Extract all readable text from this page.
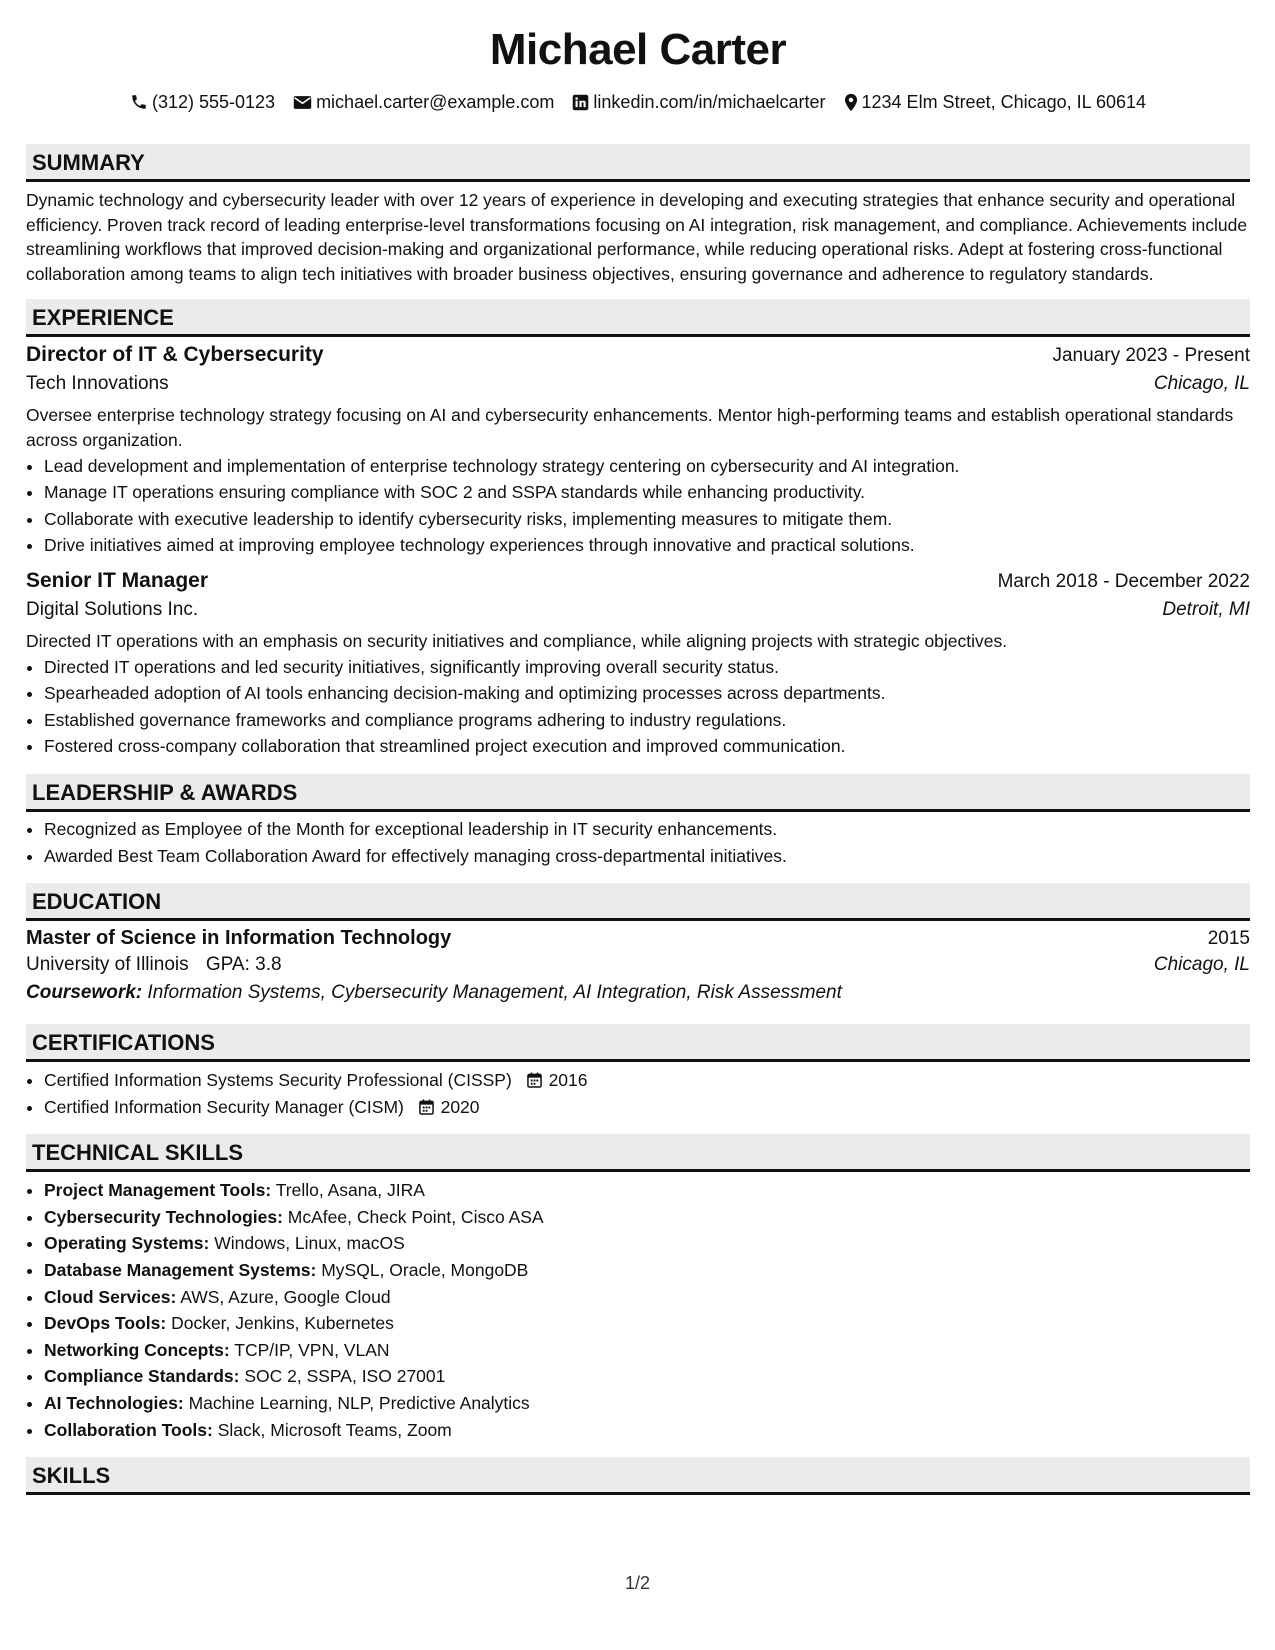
Michael Carter
(312) 555-0123 michael.carter@example.com linkedin.com/in/michaelcarter 1234 Elm Street, Chicago, IL 60614
SUMMARY

Dynamic technology and cybersecurity leader with over 12 years of experience in developing and executing strategies that enhance security and operational efficiency. Proven track record of leading enterprise-level transformations focusing on AI integration, risk management, and compliance. Achievements include streamlining workflows that improved decision-making and organizational performance, while reducing operational risks. Adept at fostering cross-functional collaboration among teams to align tech initiatives with broader business objectives, ensuring governance and adherence to regulatory standards.

EXPERIENCE
Director of IT & Cybersecurity	January 2023 - Present
Tech Innovations	Chicago, IL

Oversee enterprise technology strategy focusing on AI and cybersecurity enhancements. Mentor high-performing teams and establish operational standards across organization.

• Lead development and implementation of enterprise technology strategy centering on cybersecurity and AI integration.
• Manage IT operations ensuring compliance with SOC 2 and SSPA standards while enhancing productivity.
• Collaborate with executive leadership to identify cybersecurity risks, implementing measures to mitigate them.
• Drive initiatives aimed at improving employee technology experiences through innovative and practical solutions.
Senior IT Manager	March 2018 - December 2022
Digital Solutions Inc.	Detroit, MI

Directed IT operations with an emphasis on security initiatives and compliance, while aligning projects with strategic objectives.

• Directed IT operations and led security initiatives, significantly improving overall security status.
• Spearheaded adoption of AI tools enhancing decision-making and optimizing processes across departments.
• Established governance frameworks and compliance programs adhering to industry regulations.
• Fostered cross-company collaboration that streamlined project execution and improved communication.
LEADERSHIP & AWARDS
• Recognized as Employee of the Month for exceptional leadership in IT security enhancements.
• Awarded Best Team Collaboration Award for effectively managing cross-departmental initiatives.
EDUCATION
Master of Science in Information Technology	2015
University of Illinois GPA: 3.8	Chicago, IL
Coursework: Information Systems, Cybersecurity Management, AI Integration, Risk Assessment
CERTIFICATIONS
• Certified Information Systems Security Professional (CISSP) 2016
• Certified Information Security Manager (CISM) 2020
TECHNICAL SKILLS
• Project Management Tools: Trello, Asana, JIRA
• Cybersecurity Technologies: McAfee, Check Point, Cisco ASA
• Operating Systems: Windows, Linux, macOS
• Database Management Systems: MySQL, Oracle, MongoDB
• Cloud Services: AWS, Azure, Google Cloud
• DevOps Tools: Docker, Jenkins, Kubernetes
• Networking Concepts: TCP/IP, VPN, VLAN
• Compliance Standards: SOC 2, SSPA, ISO 27001
• AI Technologies: Machine Learning, NLP, Predictive Analytics
• Collaboration Tools: Slack, Microsoft Teams, Zoom
SKILLS
1/2
